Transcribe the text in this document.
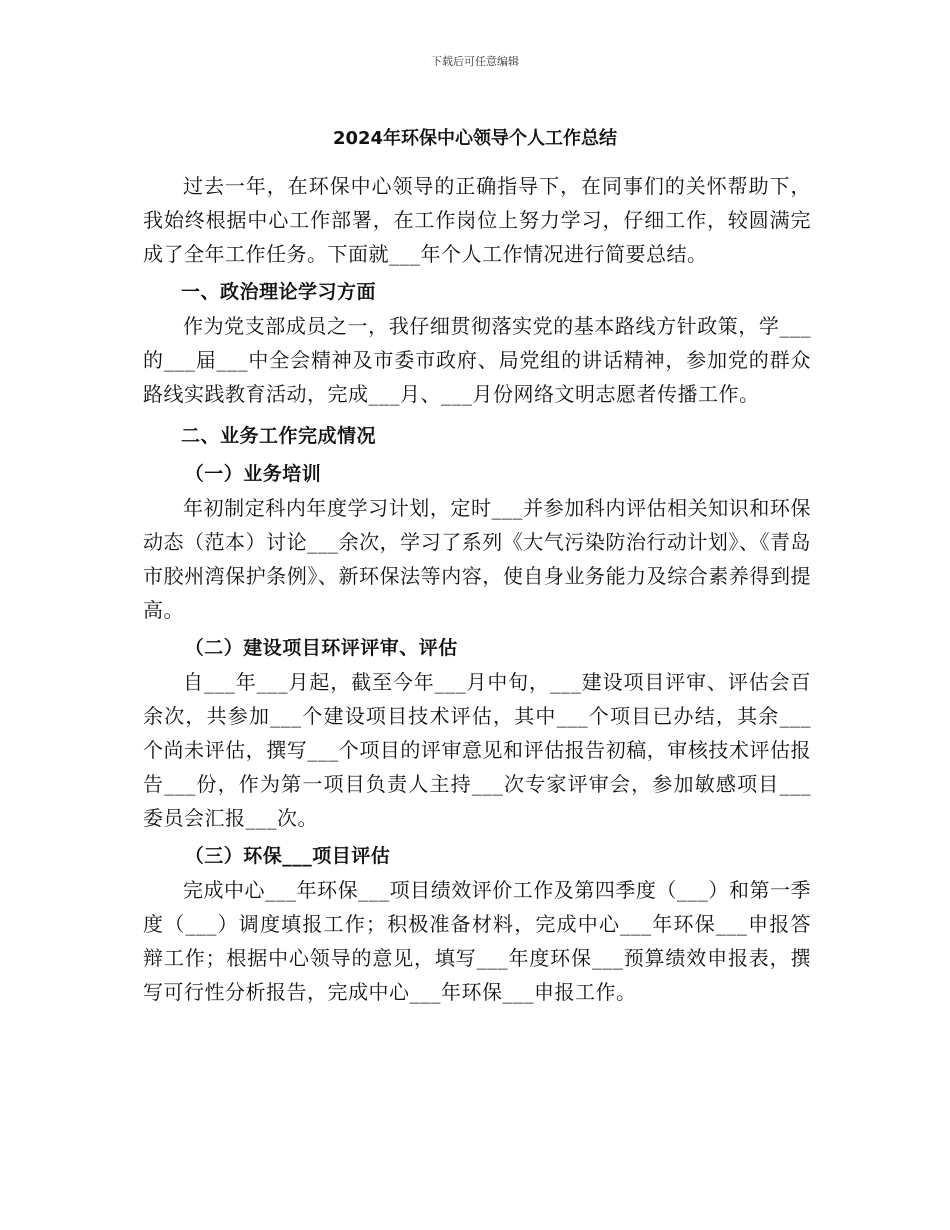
下载后可任意编辑
2024年环保中心领导个人工作总结

过去一年，在环保中心领导的正确指导下，在同事们的关怀帮助下，我始终根据中心工作部署，在工作岗位上努力学习，仔细工作，较圆满完成了全年工作任务。下面就___年个人工作情况进行简要总结。

一、政治理论学习方面

作为党支部成员之一，我仔细贯彻落实党的基本路线方针政策，学___的___届___中全会精神及市委市政府、局党组的讲话精神，参加党的群众路线实践教育活动，完成___月、___月份网络文明志愿者传播工作。

二、业务工作完成情况

（一）业务培训

年初制定科内年度学习计划，定时___并参加科内评估相关知识和环保动态（范本）讨论___余次，学习了系列《大气污染防治行动计划》、《青岛市胶州湾保护条例》、新环保法等内容，使自身业务能力及综合素养得到提高。

（二）建设项目环评评审、评估

自___年___月起，截至今年___月中旬，___建设项目评审、评估会百余次，共参加___个建设项目技术评估，其中___个项目已办结，其余___个尚未评估，撰写___个项目的评审意见和评估报告初稿，审核技术评估报告___份，作为第一项目负责人主持___次专家评审会，参加敏感项目___委员会汇报___次。

（三）环保___项目评估

完成中心___年环保___项目绩效评价工作及第四季度（___）和第一季度（___）调度填报工作；积极准备材料，完成中心___年环保___申报答辩工作；根据中心领导的意见，填写___年度环保___预算绩效申报表，撰写可行性分析报告，完成中心___年环保___申报工作。
